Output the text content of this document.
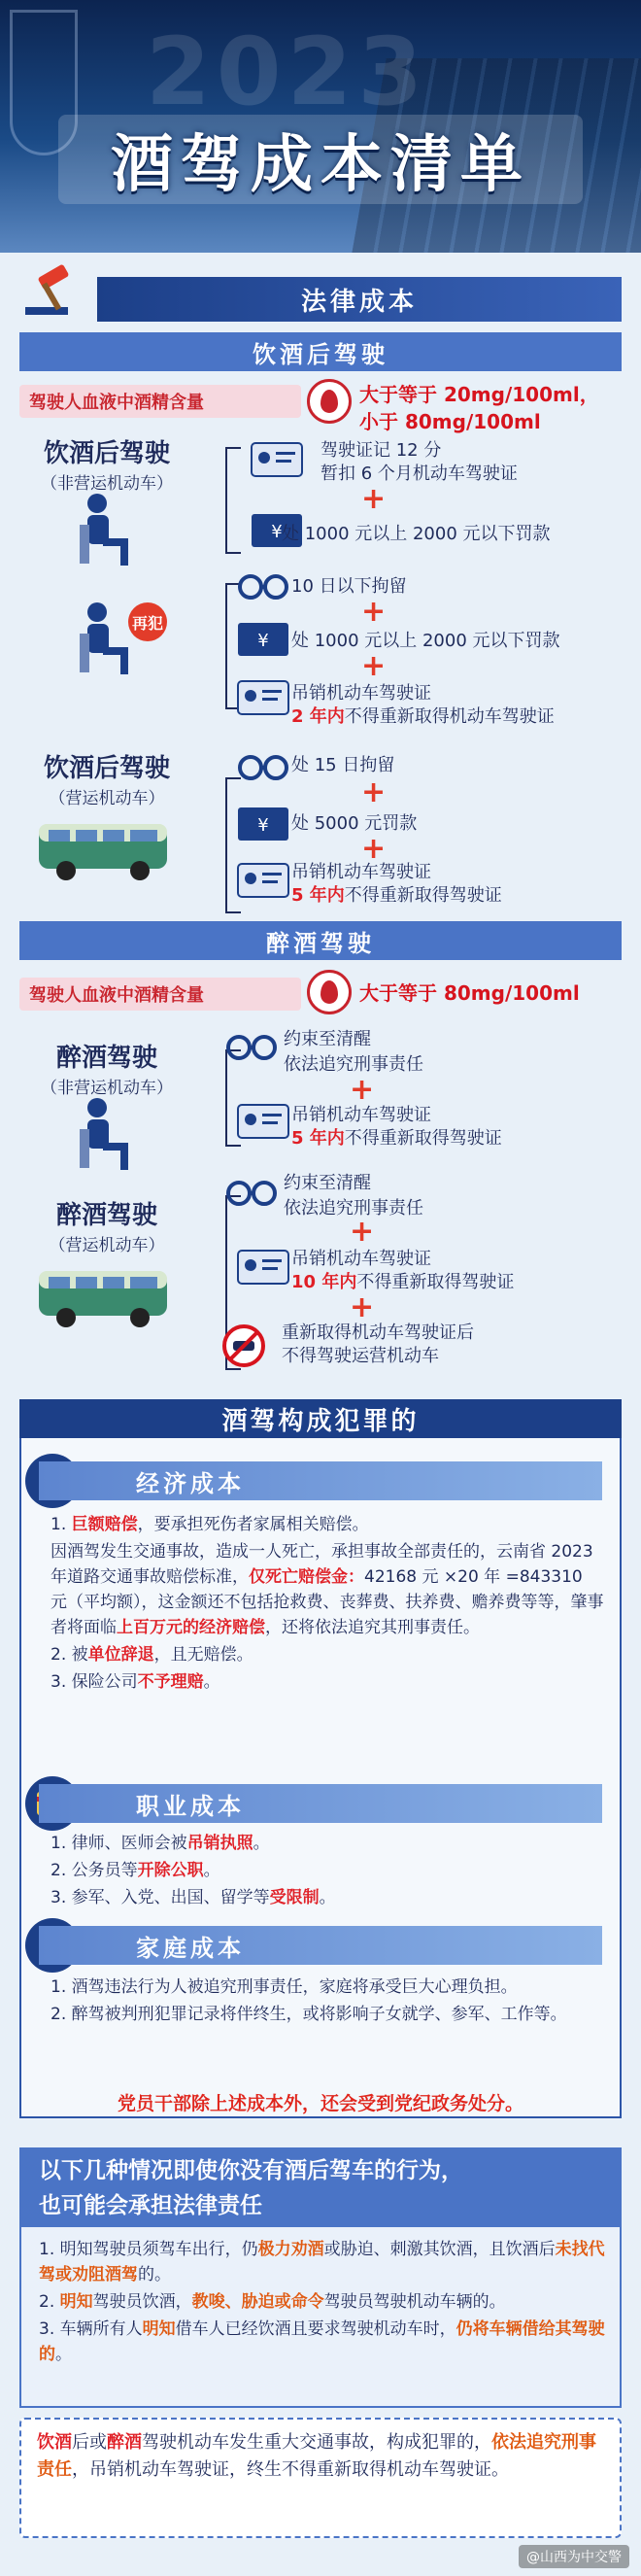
2023
酒驾成本清单
法律成本
饮酒后驾驶
驾驶人血液中酒精含量	大于等于 20mg/100ml，
小于 80mg/100ml
饮酒后驾驶
（非营运机动车）
驾驶证记 12 分
暂扣 6 个月机动车驾驶证
+
¥ 处 1000 元以上 2000 元以下罚款
再犯
10 日以下拘留
+
¥ 处 1000 元以上 2000 元以下罚款
+
吊销机动车驾驶证
2 年内不得重新取得机动车驾驶证
饮酒后驾驶
（营运机动车）
处 15 日拘留
+
¥ 处 5000 元罚款
+
吊销机动车驾驶证
5 年内不得重新取得驾驶证
醉酒驾驶
驾驶人血液中酒精含量	大于等于 80mg/100ml
醉酒驾驶
（非营运机动车）
约束至清醒
依法追究刑事责任
+
吊销机动车驾驶证
5 年内不得重新取得驾驶证
醉酒驾驶
（营运机动车）
约束至清醒
依法追究刑事责任
+
吊销机动车驾驶证
10 年内不得重新取得驾驶证
+
重新取得机动车驾驶证后
不得驾驶运营机动车
酒驾构成犯罪的
经济成本

1. 巨额赔偿，要承担死伤者家属相关赔偿。

因酒驾发生交通事故，造成一人死亡，承担事故全部责任的，云南省 2023 年道路交通事故赔偿标准，仅死亡赔偿金：42168 元 ×20 年 =843310 元（平均额），这金额还不包括抢救费、丧葬费、扶养费、赡养费等等，肇事者将面临上百万元的经济赔偿，还将依法追究其刑事责任。

2. 被单位辞退，且无赔偿。

3. 保险公司不予理赔。

职业成本

1. 律师、医师会被吊销执照。

2. 公务员等开除公职。

3. 参军、入党、出国、留学等受限制。

家庭成本

1. 酒驾违法行为人被追究刑事责任，家庭将承受巨大心理负担。

2. 醉驾被判刑犯罪记录将伴终生，或将影响子女就学、参军、工作等。

党员干部除上述成本外，还会受到党纪政务处分。
以下几种情况即使你没有酒后驾车的行为，
也可能会承担法律责任

1. 明知驾驶员须驾车出行，仍极力劝酒或胁迫、刺激其饮酒，且饮酒后未找代驾或劝阻酒驾的。

2. 明知驾驶员饮酒，教唆、胁迫或命令驾驶员驾驶机动车辆的。

3. 车辆所有人明知借车人已经饮酒且要求驾驶机动车时，仍将车辆借给其驾驶的。

饮酒后或醉酒驾驶机动车发生重大交通事故，构成犯罪的，依法追究刑事责任，吊销机动车驾驶证，终生不得重新取得机动车驾驶证。
@山西为中交警
